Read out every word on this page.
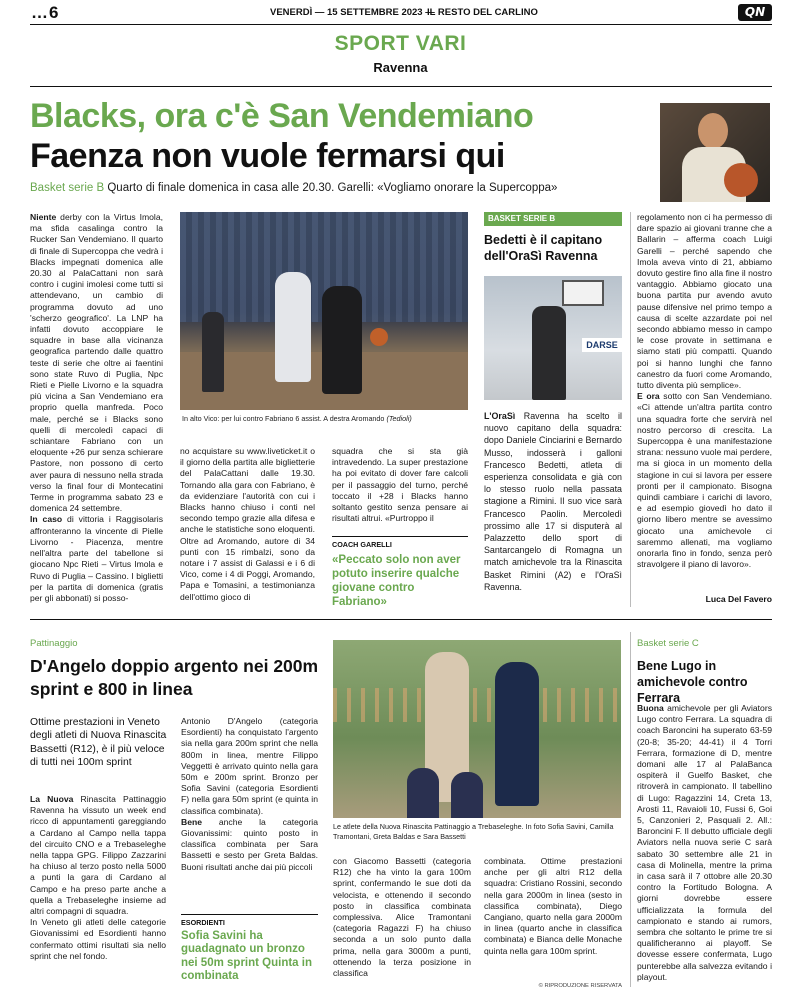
…6	VENERDÌ — 15 SETTEMBRE 2023 —
IL RESTO DEL CARLINO	QN
SPORT VARI
Ravenna
Blacks, ora c'è San Vendemiano
Faenza non vuole fermarsi qui
Basket serie B Quarto di finale domenica in casa alle 20.30. Garelli: «Vogliamo onorare la Supercoppa»

Niente derby con la Virtus Imola, ma sfida casalinga contro la Rucker San Vendemiano. Il quarto di finale di Supercoppa che vedrà i Blacks impegnati domenica alle 20.30 al PalaCattani non sarà contro i cugini imolesi come tutti si attendevano, un cambio di programma dovuto ad uno 'scherzo geografico'. La LNP ha infatti dovuto accoppiare le squadre in base alla vicinanza geografica partendo dalle quattro teste di serie che oltre ai faentini sono state Ruvo di Puglia, Npc Rieti e Pielle Livorno e la squadra più vicina a San Vendemiano era proprio quella manfreda. Poco male, perché se i Blacks sono quelli di mercoledì capaci di schiantare Fabriano con un eloquente +26 pur senza schierare Pastore, non possono di certo aver paura di nessuno nella strada verso la final four di Montecatini Terme in programma sabato 23 e domenica 24 settembre.

In caso di vittoria i Raggisolaris affronteranno la vincente di Pielle Livorno - Piacenza, mentre nell'altra parte del tabellone si giocano Npc Rieti – Virtus Imola e Ruvo di Puglia – Cassino. I biglietti per la partita di domenica (gratis per gli abbonati) si posso-

In alto Vico: per lui contro Fabriano 6 assist. A destra Aromando (Tedioli)

no acquistare su www.liveticket.it o il giorno della partita alle biglietterie del PalaCattani dalle 19.30. Tornando alla gara con Fabriano, è da evidenziare l'autorità con cui i Blacks hanno chiuso i conti nel secondo tempo grazie alla difesa e anche le statistiche sono eloquenti. Oltre ad Aromando, autore di 34 punti con 15 rimbalzi, sono da notare i 7 assist di Galassi e i 6 di Vico, come i 4 di Poggi, Aromando, Papa e Tomasini, a testimonianza dell'ottimo gioco di

squadra che si sta già intravedendo. La super prestazione ha poi evitato di dover fare calcoli per il passaggio del turno, perché toccato il +28 i Blacks hanno soltanto gestito senza pensare ai risultati altrui. «Purtroppo il

COACH GARELLI
«Peccato solo non aver potuto inserire qualche giovane contro Fabriano»
BASKET SERIE B
Bedetti è il capitano dell'OraSì Ravenna
DARSE

L'OraSì Ravenna ha scelto il nuovo capitano della squadra: dopo Daniele Cinciarini e Bernardo Musso, indosserà i galloni Francesco Bedetti, atleta di esperienza consolidata e già con lo stesso ruolo nella passata stagione a Rimini. Il suo vice sarà Francesco Paolin. Mercoledì prossimo alle 17 si disputerà al Palazzetto dello sport di Santarcangelo di Romagna un match amichevole tra la Rinascita Basket Rimini (A2) e l'OraSì Ravenna.

regolamento non ci ha permesso di dare spazio ai giovani tranne che a Ballarin – afferma coach Luigi Garelli – perché sapendo che Imola aveva vinto di 21, abbiamo dovuto gestire fino alla fine il nostro vantaggio. Abbiamo giocato una buona partita pur avendo avuto pause difensive nel primo tempo a causa di scelte azzardate poi nel secondo abbiamo messo in campo le cose provate in settimana e siamo stati più compatti. Quando poi si hanno lunghi che fanno canestro da fuori come Aromando, tutto diventa più semplice».

E ora sotto con San Vendemiano. «Ci attende un'altra partita contro una squadra forte che servirà nel nostro percorso di crescita. La Supercoppa è una manifestazione strana: nessuno vuole mai perdere, ma si gioca in un momento della stagione in cui si lavora per essere pronti per il campionato. Bisogna quindi cambiare i carichi di lavoro, e ad esempio giovedì ho dato il giorno libero mentre se avessimo giocato una amichevole ci saremmo allenati, ma vogliamo onorarla fino in fondo, senza però stravolgere il piano di lavoro».

Luca Del Favero
Pattinaggio
D'Angelo doppio argento nei 200m sprint e 800 in linea
Ottime prestazioni in Veneto degli atleti di Nuova Rinascita Bassetti (R12), è il più veloce di tutti nei 100m sprint

La Nuova Rinascita Pattinaggio Ravenna ha vissuto un week end ricco di appuntamenti gareggiando a Cardano al Campo nella tappa del circuito CNO e a Trebaseleghe nella tappa GPG. Filippo Zazzarini ha chiuso al terzo posto nella 5000 a punti la gara di Cardano al Campo e ha preso parte anche a quella a Trebaseleghe insieme ad altri compagni di squadra.

In Veneto gli atleti delle categorie Giovanissimi ed Esordienti hanno confermato ottimi risultati sia nello sprint che nel fondo.

Antonio D'Angelo (categoria Esordienti) ha conquistato l'argento sia nella gara 200m sprint che nella 800m in linea, mentre Filippo Veggetti è arrivato quinto nella gara 50m e 200m sprint. Bronzo per Sofia Savini (categoria Esordienti F) nella gara 50m sprint (e quinta in classifica combinata).

Bene anche la categoria Giovanissimi: quinto posto in classifica combinata per Sara Bassetti e sesto per Greta Baldas. Buoni risultati anche dai più piccoli

ESORDIENTI
Sofia Savini ha guadagnato un bronzo nei 50m sprint Quinta in combinata
Le atlete della Nuova Rinascita Pattinaggio a Trebaseleghe. In foto Sofia Savini, Camilla Tramontani, Greta Baldas e Sara Bassetti

con Giacomo Bassetti (categoria R12) che ha vinto la gara 100m sprint, confermando le sue doti da velocista, e ottenendo il secondo posto in classifica combinata complessiva. Alice Tramontani (categoria Ragazzi F) ha chiuso seconda a un solo punto dalla prima, nella gara 3000m a punti, ottenendo la terza posizione in classifica

combinata. Ottime prestazioni anche per gli altri R12 della squadra: Cristiano Rossini, secondo nella gara 2000m in linea (sesto in classifica combinata), Diego Cangiano, quarto nella gara 2000m in linea (quarto anche in classifica combinata) e Bianca delle Monache quinta nella gara 100m sprint.

© RIPRODUZIONE RISERVATA
Basket serie C
Bene Lugo in amichevole contro Ferrara

Buona amichevole per gli Aviators Lugo contro Ferrara. La squadra di coach Baroncini ha superato 63-59 (20-8; 35-20; 44-41) il 4 Torri Ferrara, formazione di D, mentre domani alle 17 al PalaBanca ospiterà il Guelfo Basket, che ritroverà in campionato. Il tabellino di Lugo: Ragazzini 14, Creta 13, Arosti 11, Ravaioli 10, Fussi 6, Goi 5, Canzonieri 2, Pasquali 2. All.: Baroncini F. Il debutto ufficiale degli Aviators nella nuova serie C sarà sabato 30 settembre alle 21 in casa di Molinella, mentre la prima in casa sarà il 7 ottobre alle 20.30 contro la Fortitudo Bologna. A giorni dovrebbe essere ufficializzata la formula del campionato e stando ai rumors, sembra che soltanto le prime tre si qualificheranno ai playoff. Se dovesse essere confermata, Lugo punterebbe alla salvezza evitando i playout.
